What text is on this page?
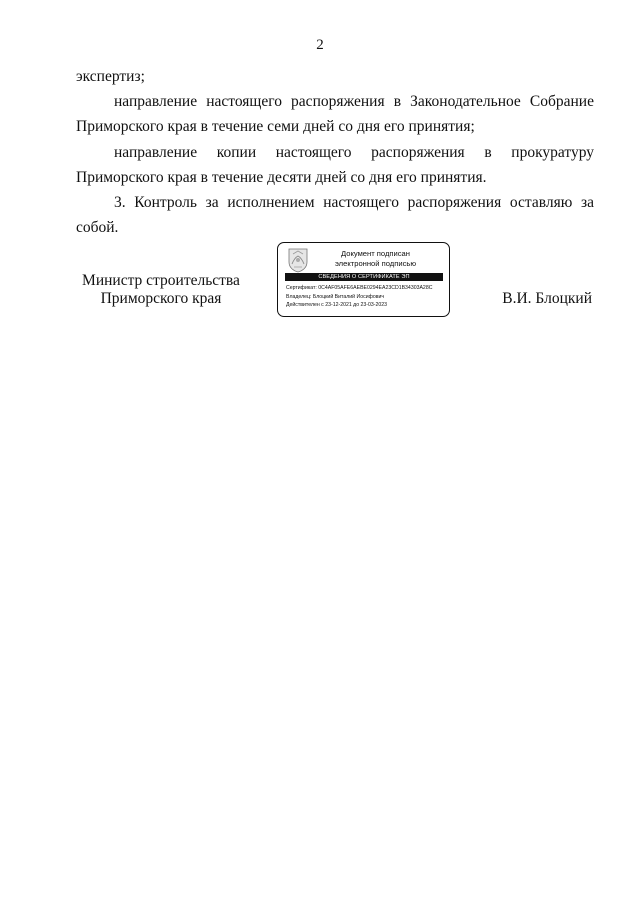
2

экспертиз;

направление настоящего распоряжения в Законодательное Собрание Приморского края в течение семи дней со дня его принятия;

направление копии настоящего распоряжения в прокуратуру Приморского края в течение десяти дней со дня его принятия.

3. Контроль за исполнением настоящего распоряжения оставляю за собой.

Министр строительства
Приморского края
Документ подписан
электронной подписью
СВЕДЕНИЯ О СЕРТИФИКАТЕ ЭП
Сертификат: 0C4AF05AFE6AEBE0294EA23CD1B34303A28C
Владелец: Блоцкий Виталий Иосифович
Действителен с 23-12-2021 до 23-03-2023	В.И. Блоцкий
